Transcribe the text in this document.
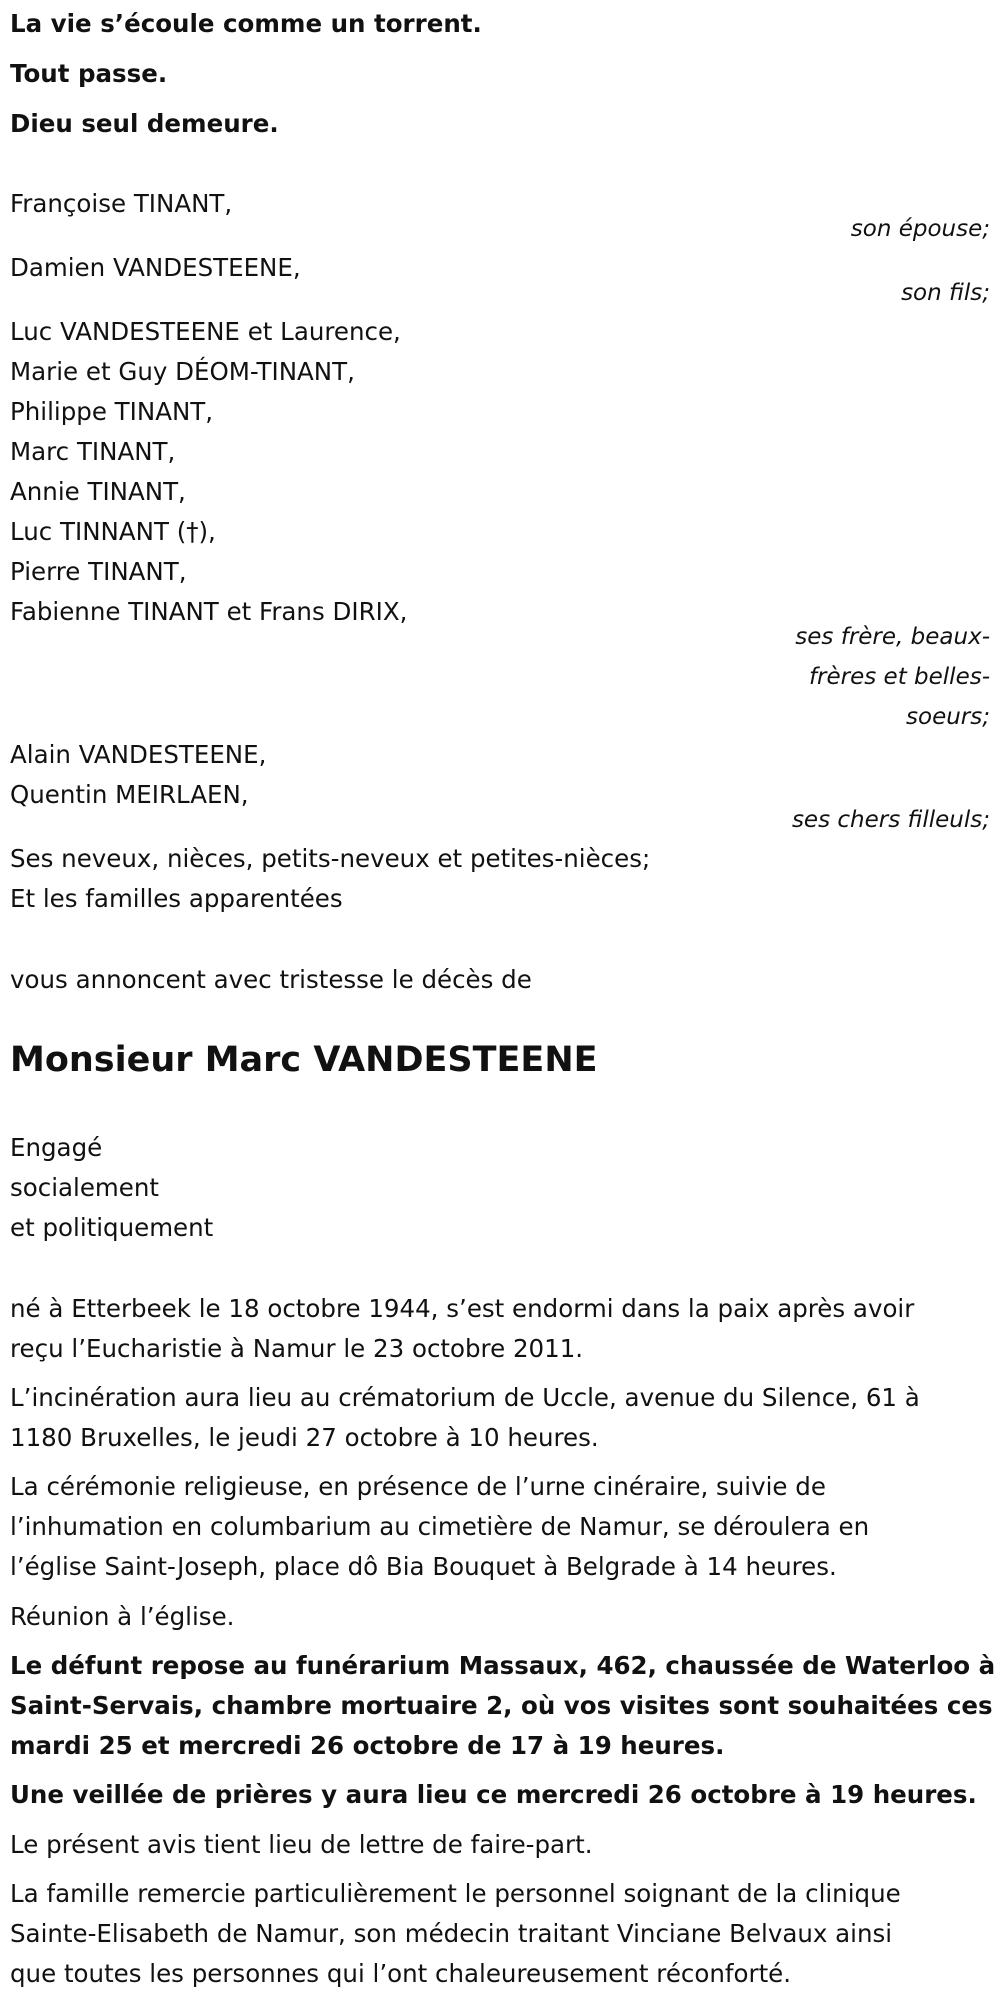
La vie s’écoule comme un torrent.
Tout passe.
Dieu seul demeure.
Françoise TINANT,
son épouse;
Damien VANDESTEENE,
son fils;
Luc VANDESTEENE et Laurence,
Marie et Guy DÉOM-TINANT,
Philippe TINANT,
Marc TINANT,
Annie TINANT,
Luc TINNANT (†),
Pierre TINANT,
Fabienne TINANT et Frans DIRIX,
ses frère, beaux-
frères et belles-
soeurs;
Alain VANDESTEENE,
Quentin MEIRLAEN,
ses chers filleuls;
Ses neveux, nièces, petits-neveux et petites-nièces;
Et les familles apparentées
vous annoncent avec tristesse le décès de
Monsieur Marc VANDESTEENE
Engagé
socialement
et politiquement
né à Etterbeek le 18 octobre 1944, s’est endormi dans la paix après avoir
reçu l’Eucharistie à Namur le 23 octobre 2011.
L’incinération aura lieu au crématorium de Uccle, avenue du Silence, 61 à
1180 Bruxelles, le jeudi 27 octobre à 10 heures.
La cérémonie religieuse, en présence de l’urne cinéraire, suivie de
l’inhumation en columbarium au cimetière de Namur, se déroulera en
l’église Saint-Joseph, place dô Bia Bouquet à Belgrade à 14 heures.
Réunion à l’église.
Le défunt repose au funérarium Massaux, 462, chaussée de Waterloo à
Saint-Servais, chambre mortuaire 2, où vos visites sont souhaitées ces
mardi 25 et mercredi 26 octobre de 17 à 19 heures.
Une veillée de prières y aura lieu ce mercredi 26 octobre à 19 heures.
Le présent avis tient lieu de lettre de faire-part.
La famille remercie particulièrement le personnel soignant de la clinique
Sainte-Elisabeth de Namur, son médecin traitant Vinciane Belvaux ainsi
que toutes les personnes qui l’ont chaleureusement réconforté.
